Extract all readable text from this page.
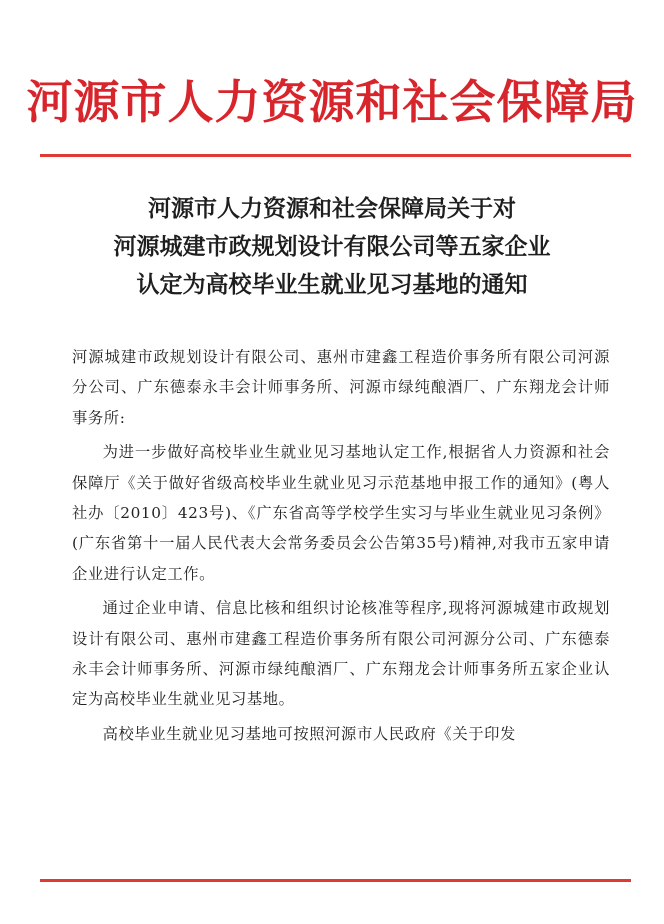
河源市人力资源和社会保障局
河源市人力资源和社会保障局关于对
河源城建市政规划设计有限公司等五家企业
认定为高校毕业生就业见习基地的通知

河源城建市政规划设计有限公司、惠州市建鑫工程造价事务所有限公司河源分公司、广东德泰永丰会计师事务所、河源市绿纯酿酒厂、广东翔龙会计师事务所:

为进一步做好高校毕业生就业见习基地认定工作,根据省人力资源和社会保障厅《关于做好省级高校毕业生就业见习示范基地申报工作的通知》(粤人社办〔2010〕423号)、《广东省高等学校学生实习与毕业生就业见习条例》(广东省第十一届人民代表大会常务委员会公告第35号)精神,对我市五家申请企业进行认定工作。

通过企业申请、信息比核和组织讨论核准等程序,现将河源城建市政规划设计有限公司、惠州市建鑫工程造价事务所有限公司河源分公司、广东德泰永丰会计师事务所、河源市绿纯酿酒厂、广东翔龙会计师事务所五家企业认定为高校毕业生就业见习基地。

高校毕业生就业见习基地可按照河源市人民政府《关于印发
